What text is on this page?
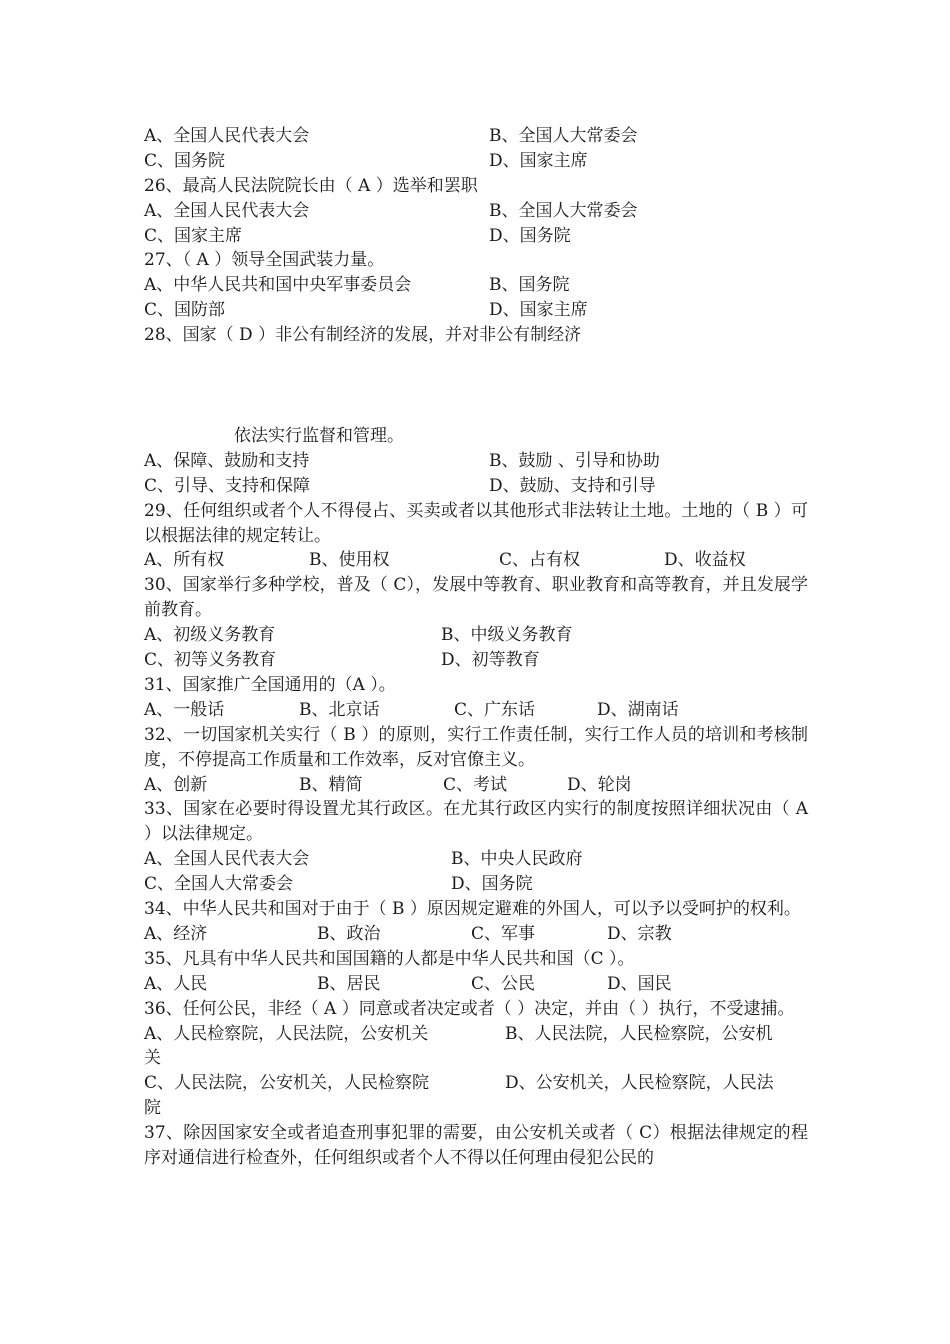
A、全国人民代表大会	B、全国人大常委会
C、国务院	D、国家主席
26、最高人民法院院长由（ A ）选举和罢职
A、全国人民代表大会	B、全国人大常委会
C、国家主席	D、国务院
27、（ A ）领导全国武装力量。
A、中华人民共和国中央军事委员会	B、国务院
C、国防部	D、国家主席
28、国家（ D ）非公有制经济的发展，并对非公有制经济
依法实行监督和管理。
A、保障、鼓励和支持	B、鼓励 、引导和协助
C、引导、支持和保障	D、鼓励、支持和引导
29、任何组织或者个人不得侵占、买卖或者以其他形式非法转让土地。土地的（ B ）可以根据法律的规定转让。
A、所有权	B、使用权	C、占有权	D、收益权
30、国家举行多种学校，普及（ C），发展中等教育、职业教育和高等教育，并且发展学前教育。
A、初级义务教育	B、中级义务教育
C、初等义务教育	D、初等教育
31、国家推广全国通用的（A ）。
A、一般话	B、北京话	C、广东话	D、湖南话
32、一切国家机关实行（ B ）的原则，实行工作责任制，实行工作人员的培训和考核制度，不停提高工作质量和工作效率，反对官僚主义。
A、创新	B、精简	C、考试	D、轮岗
33、国家在必要时得设置尤其行政区。在尤其行政区内实行的制度按照详细状况由（ A ）以法律规定。
A、全国人民代表大会	B、中央人民政府
C、全国人大常委会	D、国务院
34、中华人民共和国对于由于（ B ）原因规定避难的外国人，可以予以受呵护的权利。
A、经济	B、政治	C、军事	D、宗教
35、凡具有中华人民共和国国籍的人都是中华人民共和国（C ）。
A、人民	B、居民	C、公民	D、国民
36、任何公民，非经（ A ）同意或者决定或者（ ）决定，并由（ ）执行，不受逮捕。
A、人民检察院，人民法院，公安机关	B、人民法院，人民检察院，公安机
关
C、人民法院，公安机关，人民检察院	D、公安机关，人民检察院，人民法
院
37、除因国家安全或者追查刑事犯罪的需要，由公安机关或者（ C）根据法律规定的程序对通信进行检查外，任何组织或者个人不得以任何理由侵犯公民的
